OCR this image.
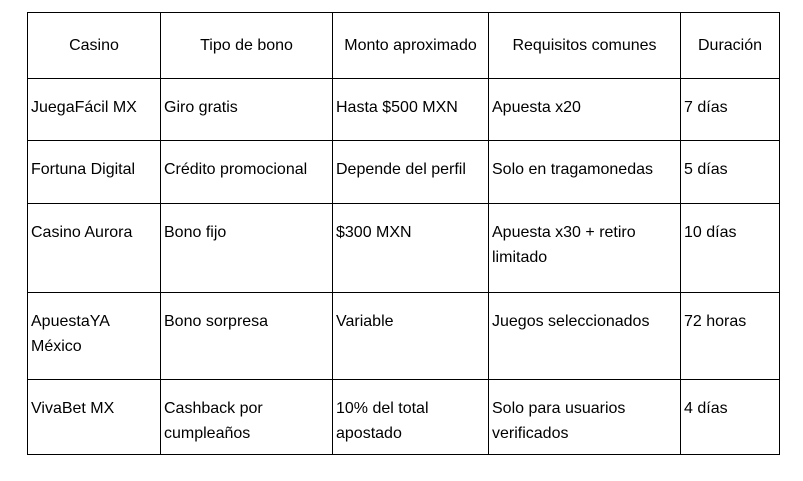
Casino	Tipo de bono	Monto aproximado	Requisitos comunes	Duración
JuegaFácil MX	Giro gratis	Hasta $500 MXN	Apuesta x20	7 días
Fortuna Digital	Crédito promocional	Depende del perfil	Solo en tragamonedas	5 días
Casino Aurora	Bono fijo	$300 MXN	Apuesta x30 + retiro limitado	10 días
ApuestaYA México	Bono sorpresa	Variable	Juegos seleccionados	72 horas
VivaBet MX	Cashback por cumpleaños	10% del total apostado	Solo para usuarios verificados	4 días
